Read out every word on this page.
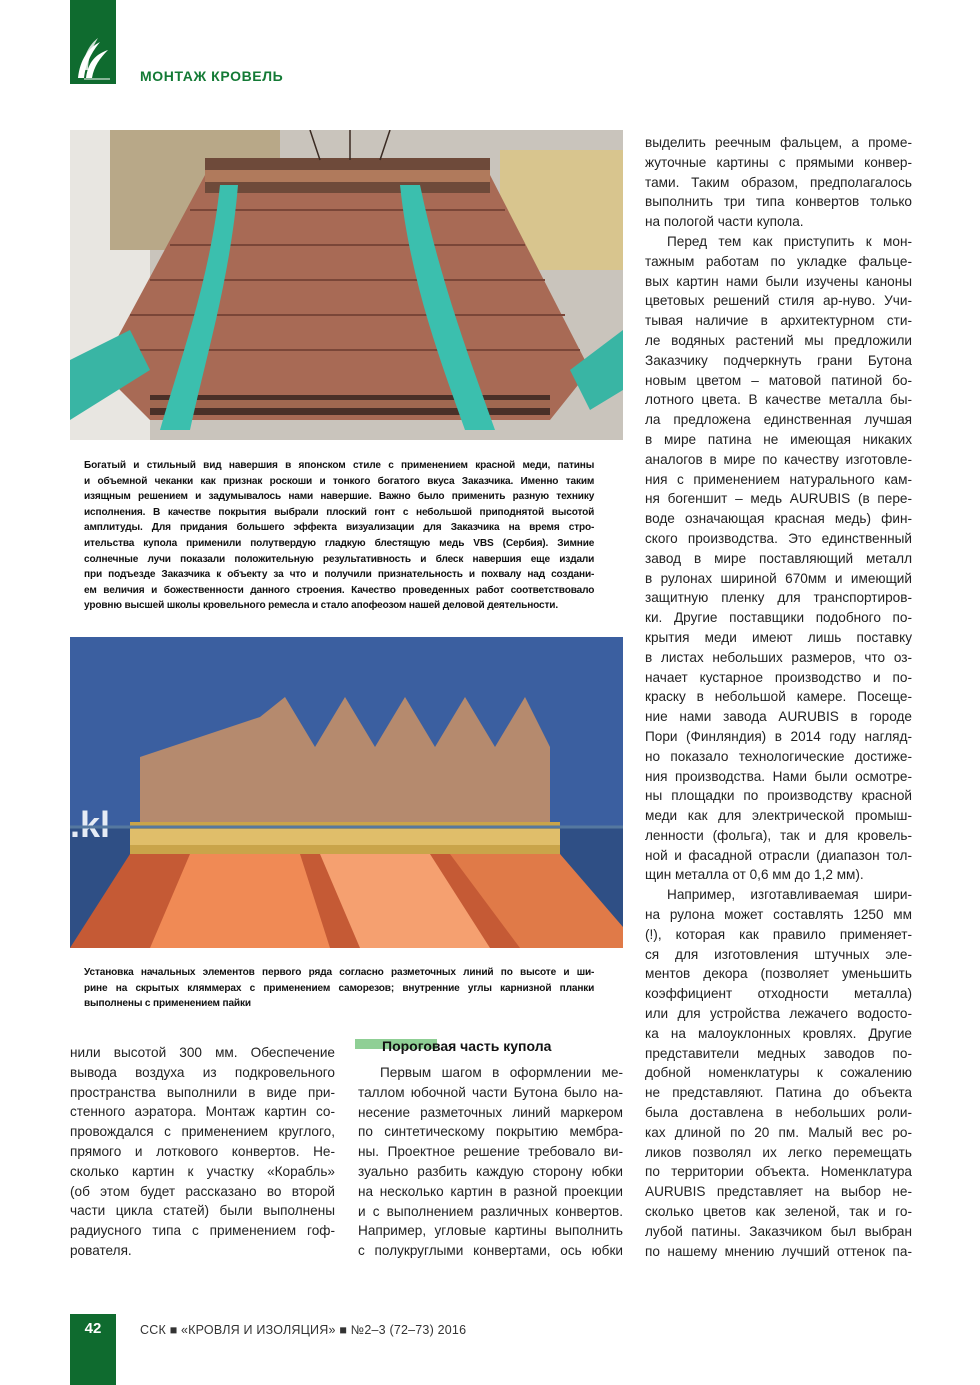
МОНТАЖ КРОВЕЛЬ
Богатый и стильный вид навершия в японском стиле с применением красной меди, патины
и объемной чеканки как признак роскоши и тонкого богатого вкуса Заказчика. Именно таким
изящным решением и задумывалось нами навершие. Важно было применить разную технику
исполнения. В качестве покрытия выбрали плоский гонт с небольшой приподнятой высотой
амплитуды. Для придания большего эффекта визуализации для Заказчика на время стро-
ительства купола применили полутвердую гладкую блестящую медь VBS (Сербия). Зимние
солнечные лучи показали положительную результативность и блеск навершия еще издали
при подъезде Заказчика к объекту за что и получили признательность и похвалу над создани-
ем величия и божественности данного строения. Качество проведенных работ соответствовало
уровню высшей школы кровельного ремесла и стало апофеозом нашей деловой деятельности.
.kl
Установка начальных элементов первого ряда согласно разметочных линий по высоте и ши-
рине на скрытых кляммерах с применением саморезов; внутренние углы карнизной планки
выполнены с применением пайки
нили высотой 300 мм. Обеспечение
вывода воздуха из подкровельного
пространства выполнили в виде при-
стенного аэратора. Монтаж картин со-
провождался с применением круглого,
прямого и лоткового конвертов. Не-
сколько картин к участку «Корабль»
(об этом будет рассказано во второй
части цикла статей) были выполнены
радиусного типа с применением гоф-
рователя.
Пороговая часть купола
Первым шагом в оформлении ме-
таллом юбочной части Бутона было на-
несение разметочных линий маркером
по синтетическому покрытию мембра-
ны. Проектное решение требовало ви-
зуально разбить каждую сторону юбки
на несколько картин в разной проекции
и с выполнением различных конвертов.
Например, угловые картины выполнить
с полукруглыми конвертами, ось юбки
выделить реечным фальцем, а проме-
жуточные картины с прямыми конвер-
тами. Таким образом, предполагалось
выполнить три типа конвертов только
на пологой части купола.
Перед тем как приступить к мон-
тажным работам по укладке фальце-
вых картин нами были изучены каноны
цветовых решений стиля ар-нуво. Учи-
тывая наличие в архитектурном сти-
ле водяных растений мы предложили
Заказчику подчеркнуть грани Бутона
новым цветом – матовой патиной бо-
лотного цвета. В качестве металла бы-
ла предложена единственная лучшая
в мире патина не имеющая никаких
аналогов в мире по качеству изготовле-
ния с применением натурального кам-
ня богеншит – медь AURUBIS (в пере-
воде означающая красная медь) фин-
ского производства. Это единственный
завод в мире поставляющий металл
в рулонах шириной 670мм и имеющий
защитную пленку для транспортиров-
ки. Другие поставщики подобного по-
крытия меди имеют лишь поставку
в листах небольших размеров, что оз-
начает кустарное производство и по-
краску в небольшой камере. Посеще-
ние нами завода AURUBIS в городе
Пори (Финляндия) в 2014 году нагляд-
но показало технологические достиже-
ния производства. Нами были осмотре-
ны площадки по производству красной
меди как для электрической промыш-
ленности (фольга), так и для кровель-
ной и фасадной отрасли (диапазон тол-
щин металла от 0,6 мм до 1,2 мм).
Например, изготавливаемая шири-
на рулона может составлять 1250 мм
(!), которая как правило применяет-
ся для изготовления штучных эле-
ментов декора (позволяет уменьшить
коэффициент отходности металла)
или для устройства лежачего водосто-
ка на малоуклонных кровлях. Другие
представители медных заводов по-
добной номенклатуры к сожалению
не представляют. Патина до объекта
была доставлена в небольших роли-
ках длиной по 20 пм. Малый вес ро-
ликов позволял их легко перемещать
по территории объекта. Номенклатура
AURUBIS представляет на выбор не-
сколько цветов как зеленой, так и го-
лубой патины. Заказчиком был выбран
по нашему мнению лучший оттенок па-
42	ССК ■ «КРОВЛЯ И ИЗОЛЯЦИЯ» ■ №2–3 (72–73) 2016
